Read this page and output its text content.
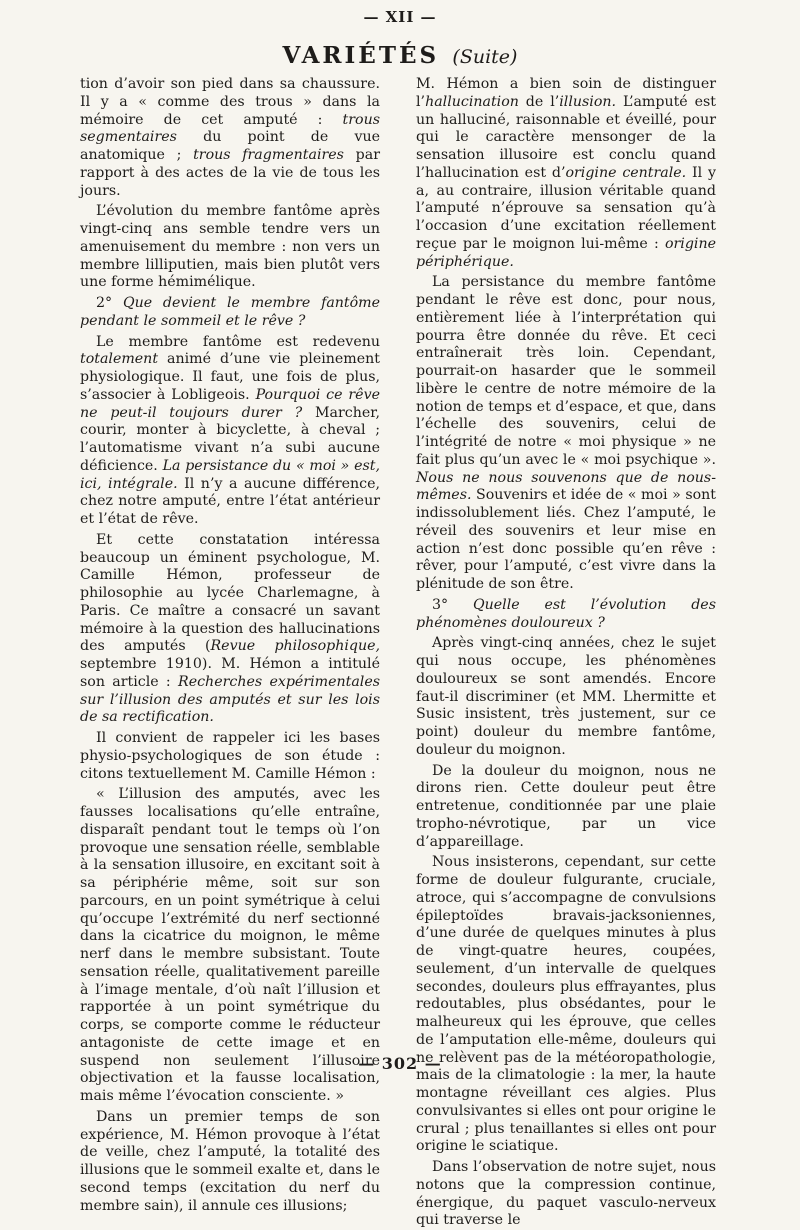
— XII —
VARIÉTÉS (Suite)

tion d’avoir son pied dans sa chaussure. Il y a « comme des trous » dans la mémoire de cet amputé : trous segmentaires du point de vue anatomique ; trous fragmentaires par rapport à des actes de la vie de tous les jours.

L’évolution du membre fantôme après vingt-cinq ans semble tendre vers un amenuisement du membre : non vers un membre lilliputien, mais bien plutôt vers une forme hémimélique.

2° Que devient le membre fantôme pendant le sommeil et le rêve ?

Le membre fantôme est redevenu totalement animé d’une vie pleinement physiologique. Il faut, une fois de plus, s’associer à Lobligeois. Pourquoi ce rêve ne peut-il toujours durer ? Marcher, courir, monter à bicyclette, à cheval ; l’automatisme vivant n’a subi aucune déficience. La persistance du « moi » est, ici, intégrale. Il n’y a aucune différence, chez notre amputé, entre l’état antérieur et l’état de rêve.

Et cette constatation intéressa beaucoup un éminent psychologue, M. Camille Hémon, professeur de philosophie au lycée Charlemagne, à Paris. Ce maître a consacré un savant mémoire à la question des hallucinations des amputés (Revue philosophique, septembre 1910). M. Hémon a intitulé son article : Recherches expérimentales sur l’illusion des amputés et sur les lois de sa rectification.

Il convient de rappeler ici les bases physio-psychologiques de son étude : citons textuellement M. Camille Hémon :

« L’illusion des amputés, avec les fausses localisations qu’elle entraîne, disparaît pendant tout le temps où l’on provoque une sensation réelle, semblable à la sensation illusoire, en excitant soit à sa périphérie même, soit sur son parcours, en un point symétrique à celui qu’occupe l’extrémité du nerf sectionné dans la cicatrice du moignon, le même nerf dans le membre subsistant. Toute sensation réelle, qualitativement pareille à l’image mentale, d’où naît l’illusion et rapportée à un point symétrique du corps, se comporte comme le réducteur antagoniste de cette image et en suspend non seulement l’illusoire objectivation et la fausse localisation, mais même l’évocation consciente. »

Dans un premier temps de son expérience, M. Hémon provoque à l’état de veille, chez l’amputé, la totalité des illusions que le sommeil exalte et, dans le second temps (excitation du nerf du membre sain), il annule ces illusions;

M. Hémon a bien soin de distinguer l’hallucination de l’illusion. L’amputé est un halluciné, raisonnable et éveillé, pour qui le caractère mensonger de la sensation illusoire est conclu quand l’hallucination est d’origine centrale. Il y a, au contraire, illusion véritable quand l’amputé n’éprouve sa sensation qu’à l’occasion d’une excitation réellement reçue par le moignon lui-même : origine périphérique.

La persistance du membre fantôme pendant le rêve est donc, pour nous, entièrement liée à l’interprétation qui pourra être donnée du rêve. Et ceci entraînerait très loin. Cependant, pourrait-on hasarder que le sommeil libère le centre de notre mémoire de la notion de temps et d’espace, et que, dans l’échelle des souvenirs, celui de l’intégrité de notre « moi physique » ne fait plus qu’un avec le « moi psychique ». Nous ne nous souvenons que de nous-mêmes. Souvenirs et idée de « moi » sont indissolublement liés. Chez l’amputé, le réveil des souvenirs et leur mise en action n’est donc possible qu’en rêve : rêver, pour l’amputé, c’est vivre dans la plénitude de son être.

3° Quelle est l’évolution des phénomènes douloureux ?

Après vingt-cinq années, chez le sujet qui nous occupe, les phénomènes douloureux se sont amendés. Encore faut-il discriminer (et MM. Lhermitte et Susic insistent, très justement, sur ce point) douleur du membre fantôme, douleur du moignon.

De la douleur du moignon, nous ne dirons rien. Cette douleur peut être entretenue, conditionnée par une plaie tropho-névrotique, par un vice d’appareillage.

Nous insisterons, cependant, sur cette forme de douleur fulgurante, cruciale, atroce, qui s’accompagne de convulsions épileptoïdes bravais-jacksoniennes, d’une durée de quelques minutes à plus de vingt-quatre heures, coupées, seulement, d’un intervalle de quelques secondes, douleurs plus effrayantes, plus redoutables, plus obsédantes, pour le malheureux qui les éprouve, que celles de l’amputation elle-même, douleurs qui ne relèvent pas de la météoropathologie, mais de la climatologie : la mer, la haute montagne réveillant ces algies. Plus convulsivantes si elles ont pour origine le crural ; plus tenaillantes si elles ont pour origine le sciatique.

Dans l’observation de notre sujet, nous notons que la compression continue, énergique, du paquet vasculo-nerveux qui traverse le

— 302 —
